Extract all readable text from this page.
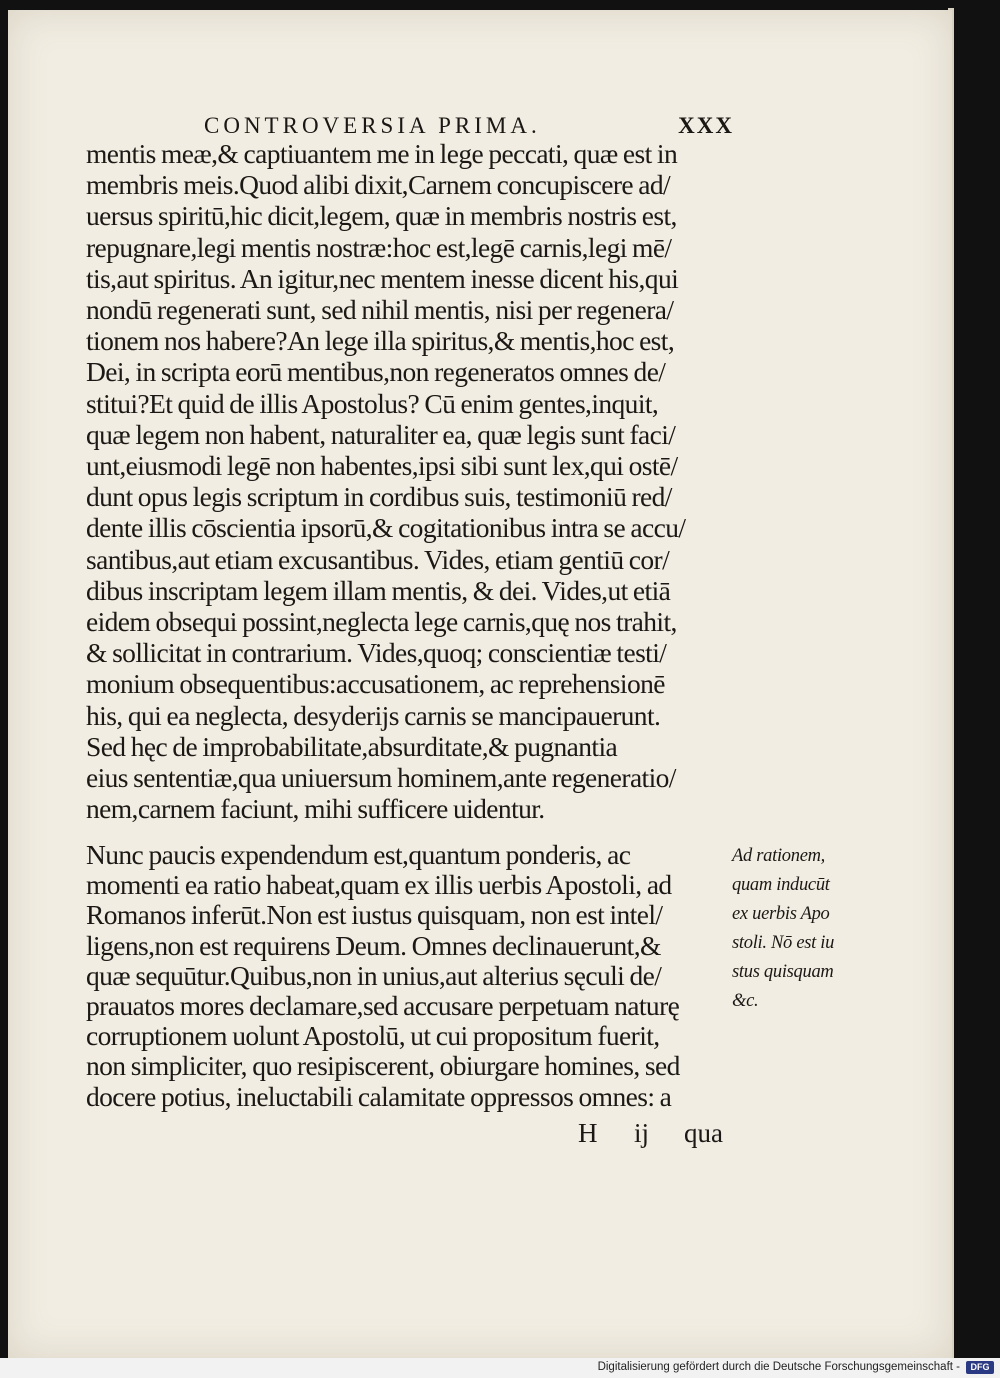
CONTROVERSIA PRIMA.	XXX
mentis meæ,& captiuantem me in lege peccati, quæ est in
membris meis.Quod alibi dixit,Carnem concupiscere ad/
uersus spiritū,hic dicit,legem, quæ in membris nostris est,
repugnare,legi mentis nostræ:hoc est,legē carnis,legi mē/
tis,aut spiritus. An igitur,nec mentem inesse dicent his,qui
nondū regenerati sunt, sed nihil mentis, nisi per regenera/
tionem nos habere?An lege illa spiritus,& mentis,hoc est,
Dei, in scripta eorū mentibus,non regeneratos omnes de/
stitui?Et quid de illis Apostolus? Cū enim gentes,inquit,
quæ legem non habent, naturaliter ea, quæ legis sunt faci/
unt,eiusmodi legē non habentes,ipsi sibi sunt lex,qui ostē/
dunt opus legis scriptum in cordibus suis, testimoniū red/
dente illis cōscientia ipsorū,& cogitationibus intra se accu/
santibus,aut etiam excusantibus. Vides, etiam gentiū cor/
dibus inscriptam legem illam mentis, & dei. Vides,ut etiā
eidem obsequi possint,neglecta lege carnis,quę nos trahit,
& sollicitat in contrarium. Vides,quoq; conscientiæ testi/
monium obsequentibus:accusationem, ac reprehensionē
his, qui ea neglecta, desyderijs carnis se mancipauerunt.
Sed hęc de improbabilitate,absurditate,& pugnantia
eius sententiæ,qua uniuersum hominem,ante regeneratio/
nem,carnem faciunt, mihi sufficere uidentur.
Nunc paucis expendendum est,quantum ponderis, ac
momenti ea ratio habeat,quam ex illis uerbis Apostoli, ad
Romanos inferūt.Non est iustus quisquam, non est intel/
ligens,non est requirens Deum. Omnes declinauerunt,&
quæ sequūtur.Quibus,non in unius,aut alterius sęculi de/
prauatos mores declamare,sed accusare perpetuam naturę
corruptionem uolunt Apostolū, ut cui propositum fuerit,
non simpliciter, quo resipiscerent, obiurgare homines, sed
docere potius, ineluctabili calamitate oppressos omnes: a
Ad rationem,
quam inducūt
ex uerbis Apo
stoli. Nō est iu
stus quisquam
&c.
H ij qua
Digitalisierung gefördert durch die Deutsche Forschungsgemeinschaft -	DFG
